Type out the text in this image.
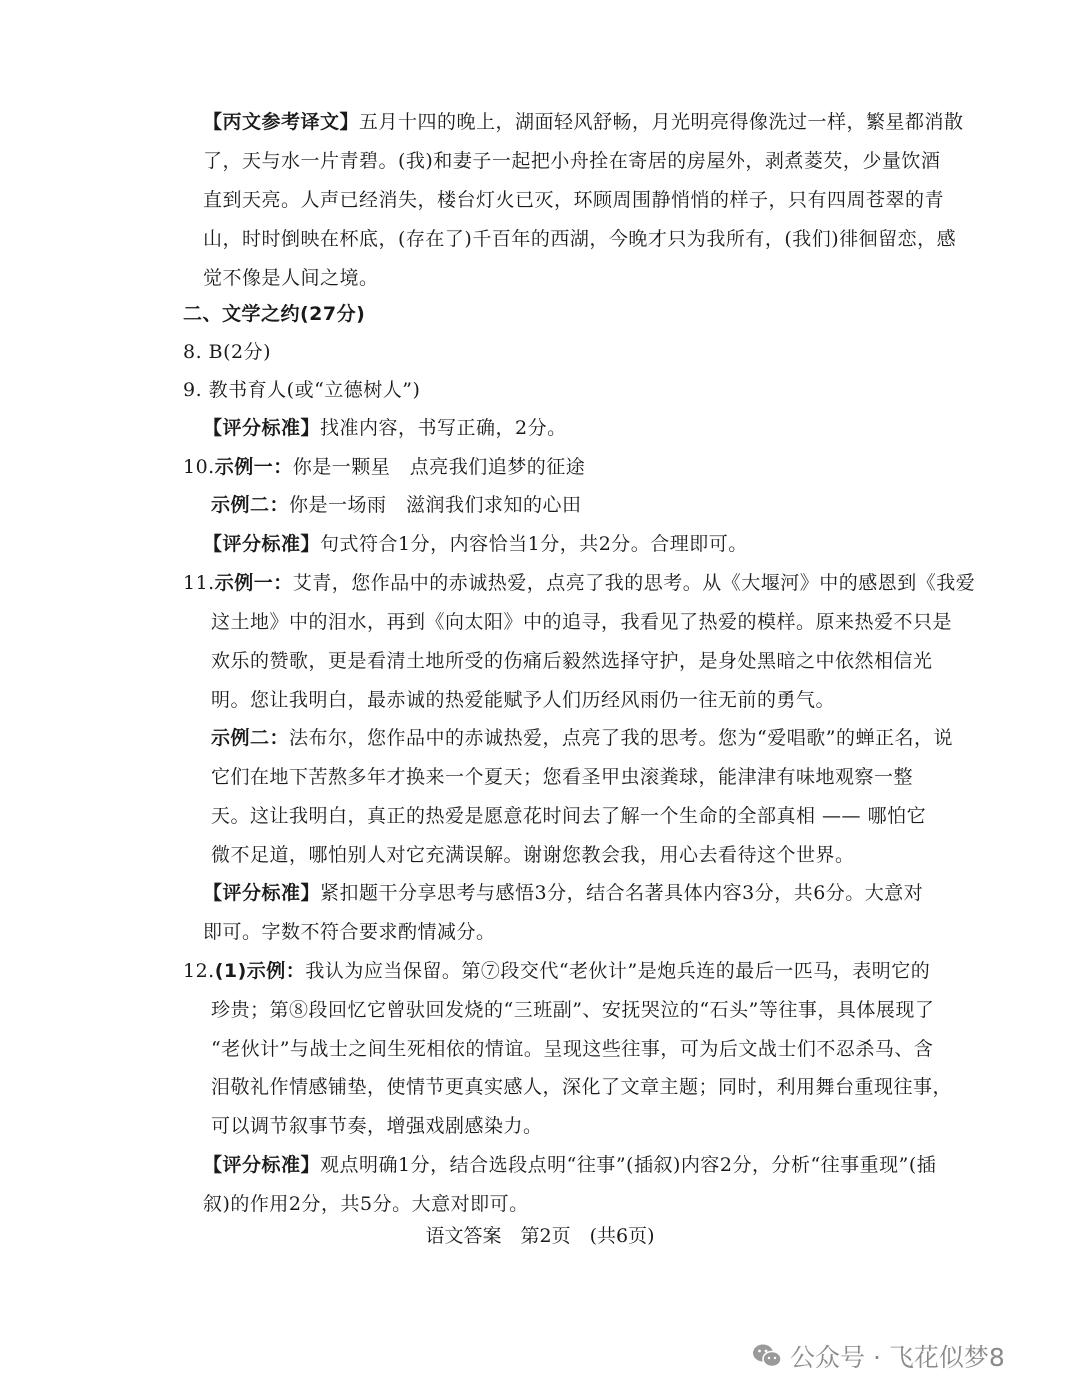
【丙文参考译文】五月十四的晚上，湖面轻风舒畅，月光明亮得像洗过一样，繁星都消散
了，天与水一片青碧。(我)和妻子一起把小舟拴在寄居的房屋外，剥煮菱芡，少量饮酒
直到天亮。人声已经消失，楼台灯火已灭，环顾周围静悄悄的样子，只有四周苍翠的青
山，时时倒映在杯底，(存在了)千百年的西湖，今晚才只为我所有，(我们)徘徊留恋，感
觉不像是人间之境。
二、文学之约(27分)
8. B(2分)
9. 教书育人(或“立德树人”)
【评分标准】找准内容，书写正确，2分。
10.示例一：你是一颗星　点亮我们追梦的征途
示例二：你是一场雨　滋润我们求知的心田
【评分标准】句式符合1分，内容恰当1分，共2分。合理即可。
11.示例一：艾青，您作品中的赤诚热爱，点亮了我的思考。从《大堰河》中的感恩到《我爱
这土地》中的泪水，再到《向太阳》中的追寻，我看见了热爱的模样。原来热爱不只是
欢乐的赞歌，更是看清土地所受的伤痛后毅然选择守护，是身处黑暗之中依然相信光
明。您让我明白，最赤诚的热爱能赋予人们历经风雨仍一往无前的勇气。
示例二：法布尔，您作品中的赤诚热爱，点亮了我的思考。您为“爱唱歌”的蝉正名，说
它们在地下苦熬多年才换来一个夏天；您看圣甲虫滚粪球，能津津有味地观察一整
天。这让我明白，真正的热爱是愿意花时间去了解一个生命的全部真相 —— 哪怕它
微不足道，哪怕别人对它充满误解。谢谢您教会我，用心去看待这个世界。
【评分标准】紧扣题干分享思考与感悟3分，结合名著具体内容3分，共6分。大意对
即可。字数不符合要求酌情减分。
12.(1)示例：我认为应当保留。第⑦段交代“老伙计”是炮兵连的最后一匹马，表明它的
珍贵；第⑧段回忆它曾驮回发烧的“三班副”、安抚哭泣的“石头”等往事，具体展现了
“老伙计”与战士之间生死相依的情谊。呈现这些往事，可为后文战士们不忍杀马、含
泪敬礼作情感铺垫，使情节更真实感人，深化了文章主题；同时，利用舞台重现往事，
可以调节叙事节奏，增强戏剧感染力。
【评分标准】观点明确1分，结合选段点明“往事”(插叙)内容2分，分析“往事重现”(插
叙)的作用2分，共5分。大意对即可。
语文答案　第2页　(共6页)
公众号 · 飞花似梦8
